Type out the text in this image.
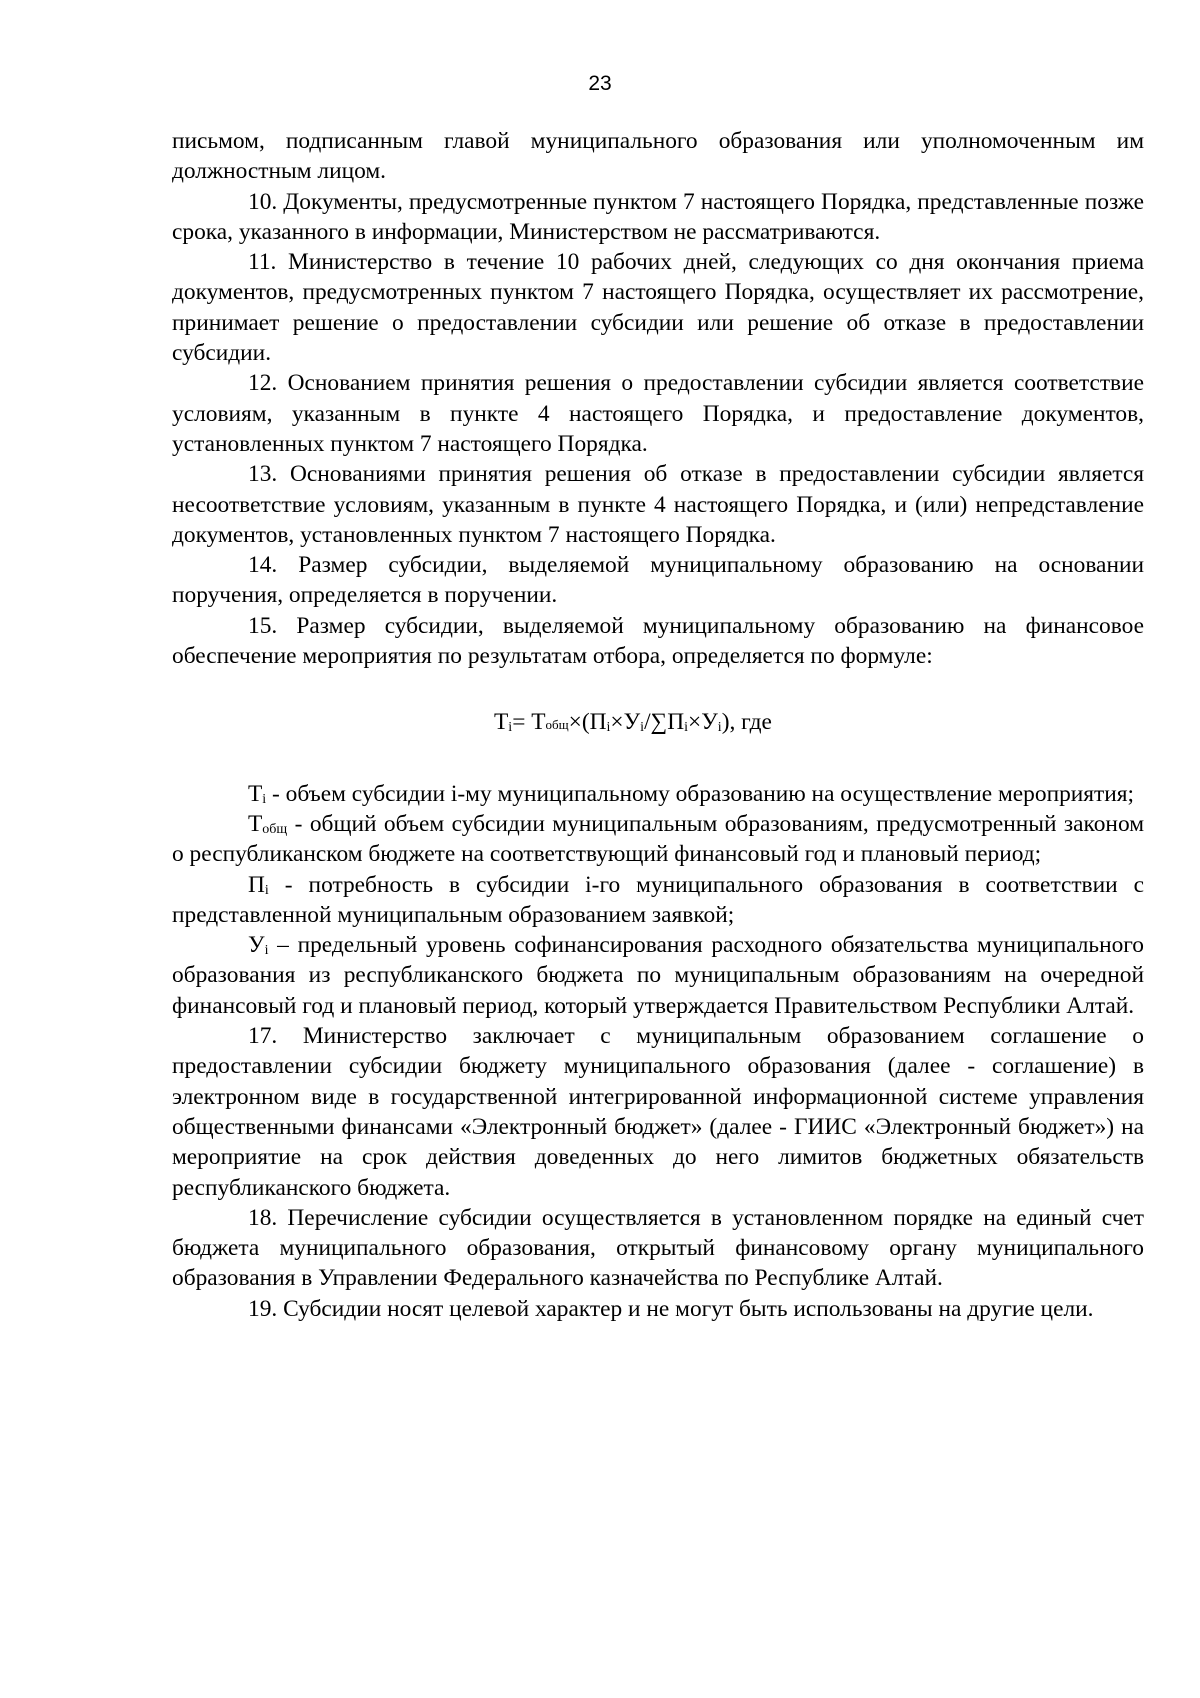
23

письмом, подписанным главой муниципального образования или уполномоченным им должностным лицом.

10. Документы, предусмотренные пунктом 7 настоящего Порядка, представленные позже срока, указанного в информации, Министерством не рассматриваются.

11. Министерство в течение 10 рабочих дней, следующих со дня окончания приема документов, предусмотренных пунктом 7 настоящего Порядка, осуществляет их рассмотрение, принимает решение о предоставлении субсидии или решение об отказе в предоставлении субсидии.

12. Основанием принятия решения о предоставлении субсидии является соответствие условиям, указанным в пункте 4 настоящего Порядка, и предоставление документов, установленных пунктом 7 настоящего Порядка.

13. Основаниями принятия решения об отказе в предоставлении субсидии является несоответствие условиям, указанным в пункте 4 настоящего Порядка, и (или) непредставление документов, установленных пунктом 7 настоящего Порядка.

14. Размер субсидии, выделяемой муниципальному образованию на основании поручения, определяется в поручении.

15. Размер субсидии, выделяемой муниципальному образованию на финансовое обеспечение мероприятия по результатам отбора, определяется по формуле:

$Т_i=$ $Тобщ\times(П_i\times У_i/\sum П_i\times У_i)$, где

$Т_i$ - объем субсидии i-му муниципальному образованию на осуществление мероприятия;

$Т_{общ}$ - общий объем субсидии муниципальным образованиям, предусмотренный законом о республиканском бюджете на соответствующий финансовый год и плановый период;

$П_i$ - потребность в субсидии i-го муниципального образования в соответствии с представленной муниципальным образованием заявкой;

$У_i$ – предельный уровень софинансирования расходного обязательства муниципального образования из республиканского бюджета по муниципальным образованиям на очередной финансовый год и плановый период, который утверждается Правительством Республики Алтай.

17. Министерство заключает с муниципальным образованием соглашение о предоставлении субсидии бюджету муниципального образования (далее - соглашение) в электронном виде в государственной интегрированной информационной системе управления общественными финансами «Электронный бюджет» (далее - ГИИС «Электронный бюджет») на мероприятие на срок действия доведенных до него лимитов бюджетных обязательств республиканского бюджета.

18. Перечисление субсидии осуществляется в установленном порядке на единый счет бюджета муниципального образования, открытый финансовому органу муниципального образования в Управлении Федерального казначейства по Республике Алтай.

19. Субсидии носят целевой характер и не могут быть использованы на другие цели.
